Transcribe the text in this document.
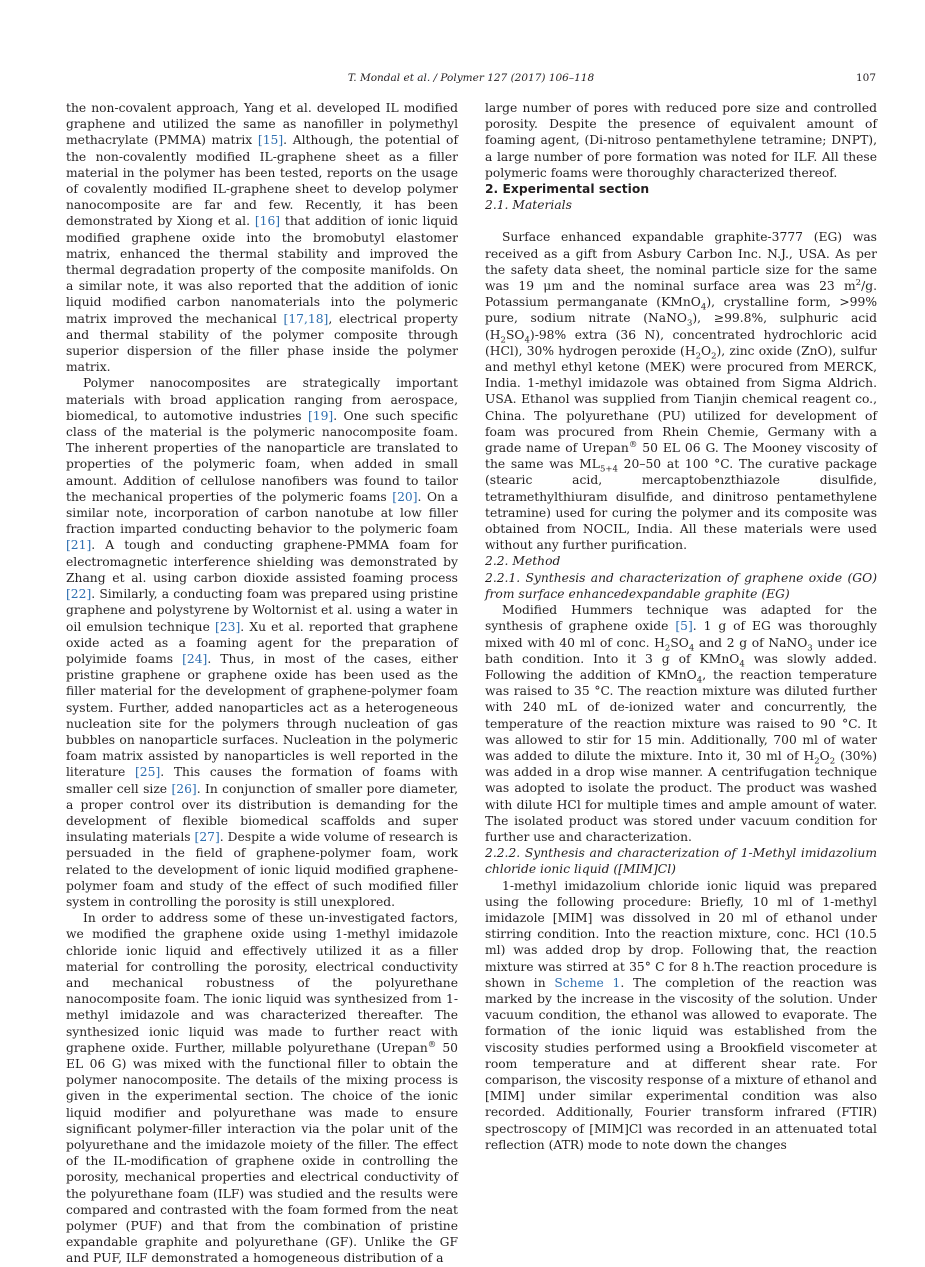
T. Mondal et al. / Polymer 127 (2017) 106–118	107

the non-covalent approach, Yang et al. developed IL modified graphene and utilized the same as nanofiller in polymethyl methacrylate (PMMA) matrix [15]. Although, the potential of the non-covalently modified IL-graphene sheet as a filler material in the polymer has been tested, reports on the usage of covalently modified IL-graphene sheet to develop polymer nanocomposite are far and few. Recently, it has been demonstrated by Xiong et al. [16] that addition of ionic liquid modified graphene oxide into the bromobutyl elastomer matrix, enhanced the thermal stability and improved the thermal degradation property of the composite manifolds. On a similar note, it was also reported that the addition of ionic liquid modified carbon nanomaterials into the polymeric matrix improved the mechanical [17,18], electrical property and thermal stability of the polymer composite through superior dispersion of the filler phase inside the polymer matrix.

Polymer nanocomposites are strategically important materials with broad application ranging from aerospace, biomedical, to automotive industries [19]. One such specific class of the material is the polymeric nanocomposite foam. The inherent properties of the nanoparticle are translated to properties of the polymeric foam, when added in small amount. Addition of cellulose nanofibers was found to tailor the mechanical properties of the polymeric foams [20]. On a similar note, incorporation of carbon nanotube at low filler fraction imparted conducting behavior to the polymeric foam [21]. A tough and conducting graphene-PMMA foam for electromagnetic interference shielding was demonstrated by Zhang et al. using carbon dioxide assisted foaming process [22]. Similarly, a conducting foam was prepared using pristine graphene and polystyrene by Woltornist et al. using a water in oil emulsion technique [23]. Xu et al. reported that graphene oxide acted as a foaming agent for the preparation of polyimide foams [24]. Thus, in most of the cases, either pristine graphene or graphene oxide has been used as the filler material for the development of graphene-polymer foam system. Further, added nanoparticles act as a heterogeneous nucleation site for the polymers through nucleation of gas bubbles on nanoparticle surfaces. Nucleation in the polymeric foam matrix assisted by nanoparticles is well reported in the literature [25]. This causes the formation of foams with smaller cell size [26]. In conjunction of smaller pore diameter, a proper control over its distribution is demanding for the development of flexible biomedical scaffolds and super insulating materials [27]. Despite a wide volume of research is persuaded in the field of graphene-polymer foam, work related to the development of ionic liquid modified graphene-polymer foam and study of the effect of such modified filler system in controlling the porosity is still unexplored.

In order to address some of these un-investigated factors, we modified the graphene oxide using 1-methyl imidazole chloride ionic liquid and effectively utilized it as a filler material for controlling the porosity, electrical conductivity and mechanical robustness of the polyurethane nanocomposite foam. The ionic liquid was synthesized from 1-methyl imidazole and was characterized thereafter. The synthesized ionic liquid was made to further react with graphene oxide. Further, millable polyurethane (Urepan® 50 EL 06 G) was mixed with the functional filler to obtain the polymer nanocomposite. The details of the mixing process is given in the experimental section. The choice of the ionic liquid modifier and polyurethane was made to ensure significant polymer-filler interaction via the polar unit of the polyurethane and the imidazole moiety of the filler. The effect of the IL-modification of graphene oxide in controlling the porosity, mechanical properties and electrical conductivity of the polyurethane foam (ILF) was studied and the results were compared and contrasted with the foam formed from the neat polymer (PUF) and that from the combination of pristine expandable graphite and polyurethane (GF). Unlike the GF and PUF, ILF demonstrated a homogeneous distribution of a

large number of pores with reduced pore size and controlled porosity. Despite the presence of equivalent amount of foaming agent, (Di-nitroso pentamethylene tetramine; DNPT), a large number of pore formation was noted for ILF. All these polymeric foams were thoroughly characterized thereof.

2. Experimental section

2.1. Materials

Surface enhanced expandable graphite-3777 (EG) was received as a gift from Asbury Carbon Inc. N.J., USA. As per the safety data sheet, the nominal particle size for the same was 19 μm and the nominal surface area was 23 $m^2/g$. Potassium permanganate (KMnO$_4$), crystalline form, >99% pure, sodium nitrate (NaNO$_3$), ≥99.8%, sulphuric acid $(H_2SO_4)-98\%$ extra (36 N), concentrated hydrochloric acid (HCl), 30% hydrogen peroxide $(H_2O_2)$, zinc oxide (ZnO), sulfur and methyl ethyl ketone (MEK) were procured from MERCK, India. 1-methyl imidazole was obtained from Sigma Aldrich. USA. Ethanol was supplied from Tianjin chemical reagent co., China. The polyurethane (PU) utilized for development of foam was procured from Rhein Chemie, Germany with a grade name of Urepan® 50 EL 06 G. The Mooney viscosity of the same was $ML_{5+4}$ 20–50 at 100 °C. The curative package (stearic acid, mercaptobenzthiazole disulfide, tetramethylthiuram disulfide, and dinitroso pentamethylene tetramine) used for curing the polymer and its composite was obtained from NOCIL, India. All these materials were used without any further purification.

2.2. Method

2.2.1. Synthesis and characterization of graphene oxide (GO) from surface enhancedexpandable graphite (EG)

Modified Hummers technique was adapted for the synthesis of graphene oxide [5]. 1 g of EG was thoroughly mixed with 40 ml of conc. $H_2SO_4$ and 2 g of NaNO$_3$ under ice bath condition. Into it 3 g of KMnO$_4$ was slowly added. Following the addition of KMnO$_4$, the reaction temperature was raised to 35 °C. The reaction mixture was diluted further with 240 mL of de-ionized water and concurrently, the temperature of the reaction mixture was raised to 90 °C. It was allowed to stir for 15 min. Additionally, 700 ml of water was added to dilute the mixture. Into it, 30 ml of $H_2O_2$ (30%) was added in a drop wise manner. A centrifugation technique was adopted to isolate the product. The product was washed with dilute HCl for multiple times and ample amount of water. The isolated product was stored under vacuum condition for further use and characterization.

2.2.2. Synthesis and characterization of 1-Methyl imidazolium chloride ionic liquid ([MIM]Cl)

1-methyl imidazolium chloride ionic liquid was prepared using the following procedure: Briefly, 10 ml of 1-methyl imidazole [MIM] was dissolved in 20 ml of ethanol under stirring condition. Into the reaction mixture, conc. HCl (10.5 ml) was added drop by drop. Following that, the reaction mixture was stirred at 35° C for 8 h.The reaction procedure is shown in Scheme 1. The completion of the reaction was marked by the increase in the viscosity of the solution. Under vacuum condition, the ethanol was allowed to evaporate. The formation of the ionic liquid was established from the viscosity studies performed using a Brookfield viscometer at room temperature and at different shear rate. For comparison, the viscosity response of a mixture of ethanol and [MIM] under similar experimental condition was also recorded. Additionally, Fourier transform infrared (FTIR) spectroscopy of [MIM]Cl was recorded in an attenuated total reflection (ATR) mode to note down the changes
